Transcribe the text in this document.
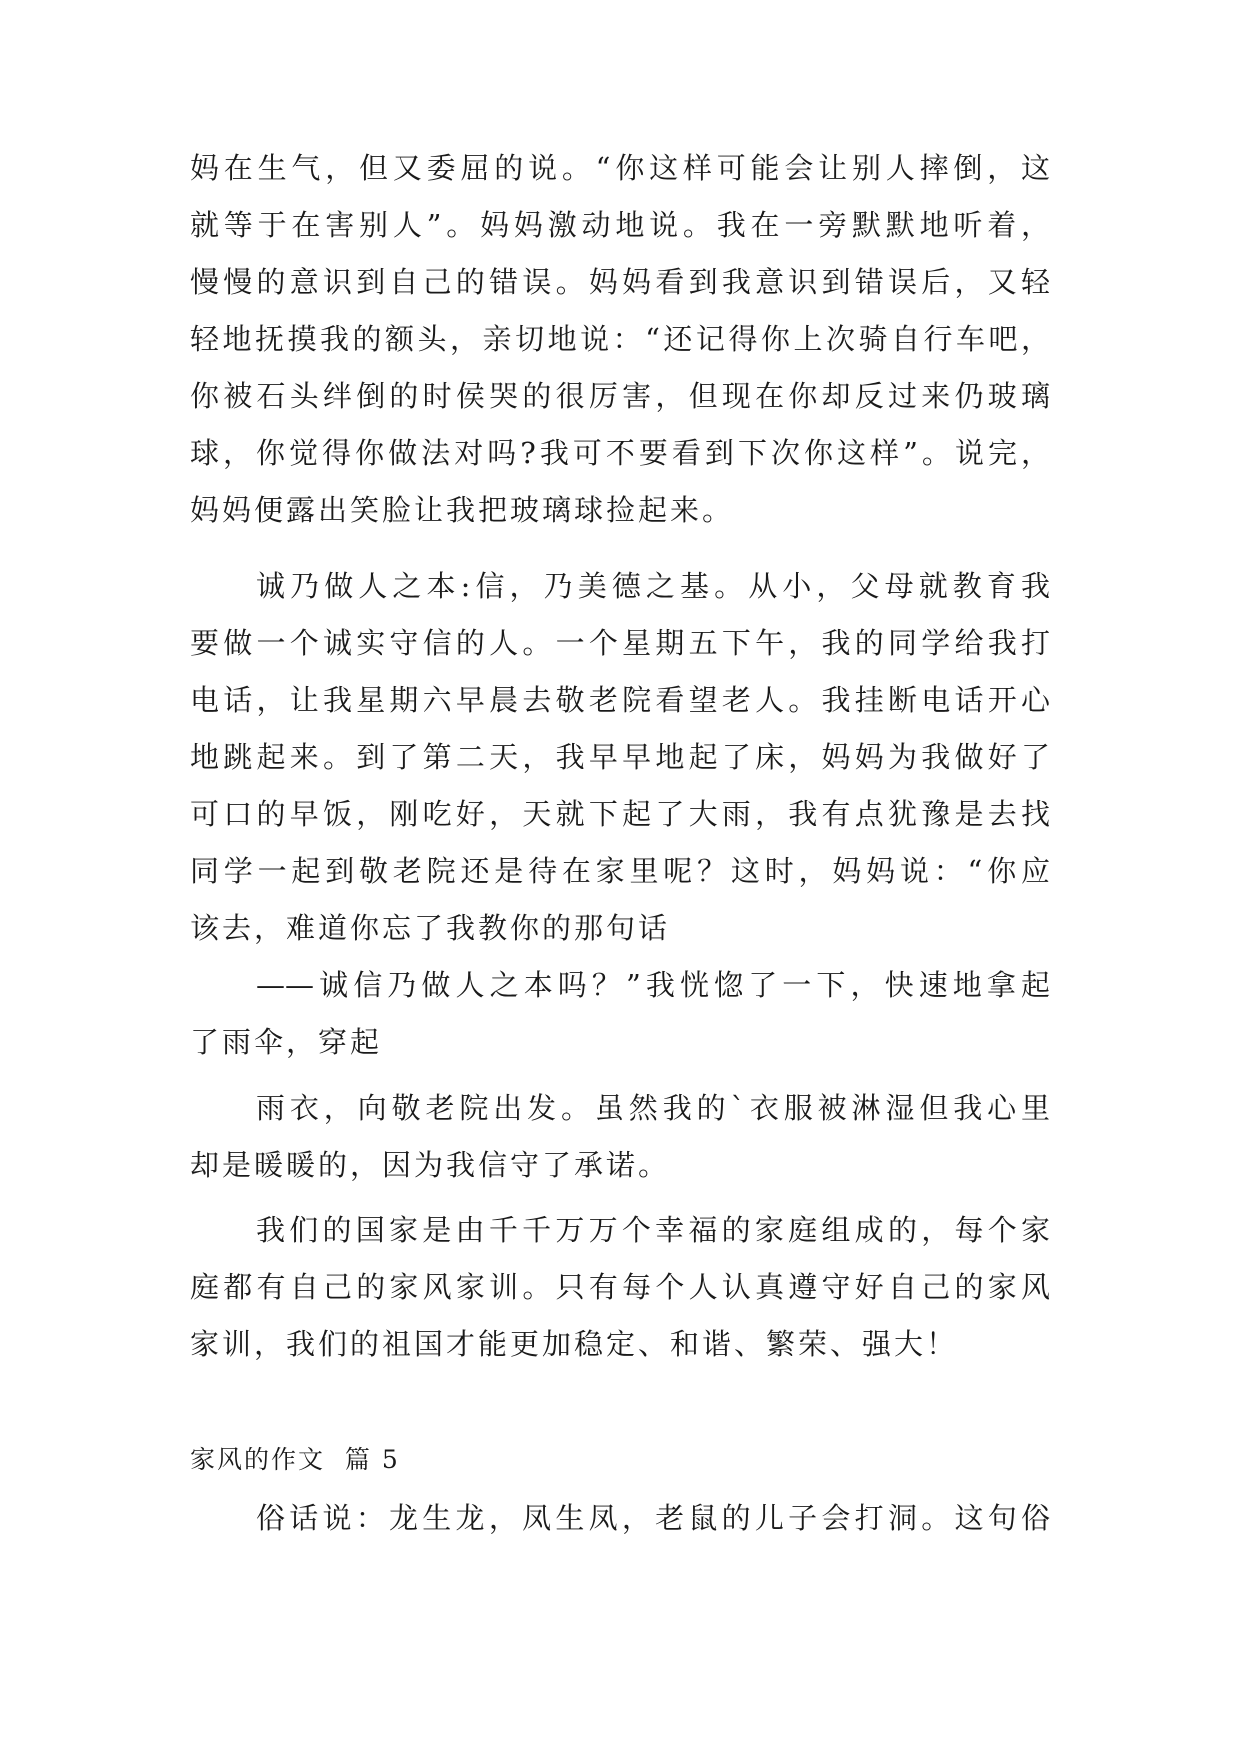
妈在生气，但又委屈的说。“你这样可能会让别人摔倒，这
就等于在害别人”。妈妈激动地说。我在一旁默默地听着，
慢慢的意识到自己的错误。妈妈看到我意识到错误后，又轻
轻地抚摸我的额头，亲切地说：“还记得你上次骑自行车吧，
你被石头绊倒的时侯哭的很厉害，但现在你却反过来仍玻璃
球，你觉得你做法对吗?我可不要看到下次你这样”。说完，
妈妈便露出笑脸让我把玻璃球捡起来。
诚乃做人之本:信，乃美德之基。从小，父母就教育我
要做一个诚实守信的人。一个星期五下午，我的同学给我打
电话，让我星期六早晨去敬老院看望老人。我挂断电话开心
地跳起来。到了第二天，我早早地起了床，妈妈为我做好了
可口的早饭，刚吃好，天就下起了大雨，我有点犹豫是去找
同学一起到敬老院还是待在家里呢？这时，妈妈说：“你应
该去，难道你忘了我教你的那句话
——诚信乃做人之本吗？”我恍惚了一下，快速地拿起
了雨伞，穿起
雨衣，向敬老院出发。虽然我的`衣服被淋湿但我心里
却是暖暖的，因为我信守了承诺。
我们的国家是由千千万万个幸福的家庭组成的，每个家
庭都有自己的家风家训。只有每个人认真遵守好自己的家风
家训，我们的祖国才能更加稳定、和谐、繁荣、强大！
家风的作文  篇 5
俗话说：龙生龙，凤生凤，老鼠的儿子会打洞。这句俗
